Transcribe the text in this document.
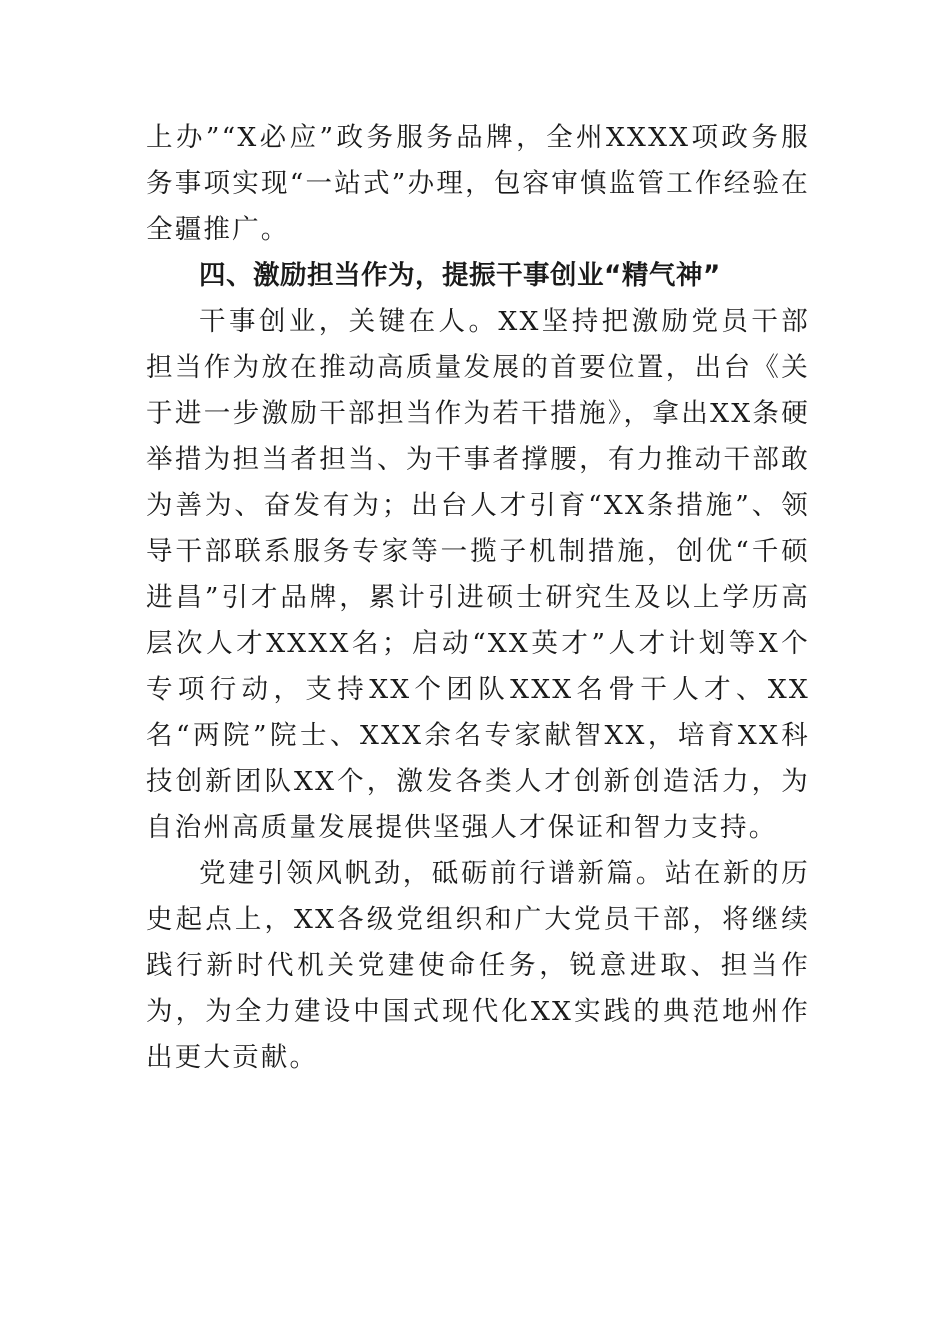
上办”“X必应”政务服务品牌，全州XXXX项政务服务事项实现“一站式”办理，包容审慎监管工作经验在全疆推广。

四、激励担当作为，提振干事创业“精气神”

干事创业，关键在人。XX坚持把激励党员干部担当作为放在推动高质量发展的首要位置，出台《关于进一步激励干部担当作为若干措施》，拿出XX条硬举措为担当者担当、为干事者撑腰，有力推动干部敢为善为、奋发有为；出台人才引育“XX条措施”、领导干部联系服务专家等一揽子机制措施，创优“千硕进昌”引才品牌，累计引进硕士研究生及以上学历高层次人才XXXX名；启动“XX英才”人才计划等X个专项行动，支持XX个团队XXX名骨干人才、XX名“两院”院士、XXX余名专家献智XX，培育XX科技创新团队XX个，激发各类人才创新创造活力，为自治州高质量发展提供坚强人才保证和智力支持。

党建引领风帆劲，砥砺前行谱新篇。站在新的历史起点上，XX各级党组织和广大党员干部，将继续践行新时代机关党建使命任务，锐意进取、担当作为，为全力建设中国式现代化XX实践的典范地州作出更大贡献。
